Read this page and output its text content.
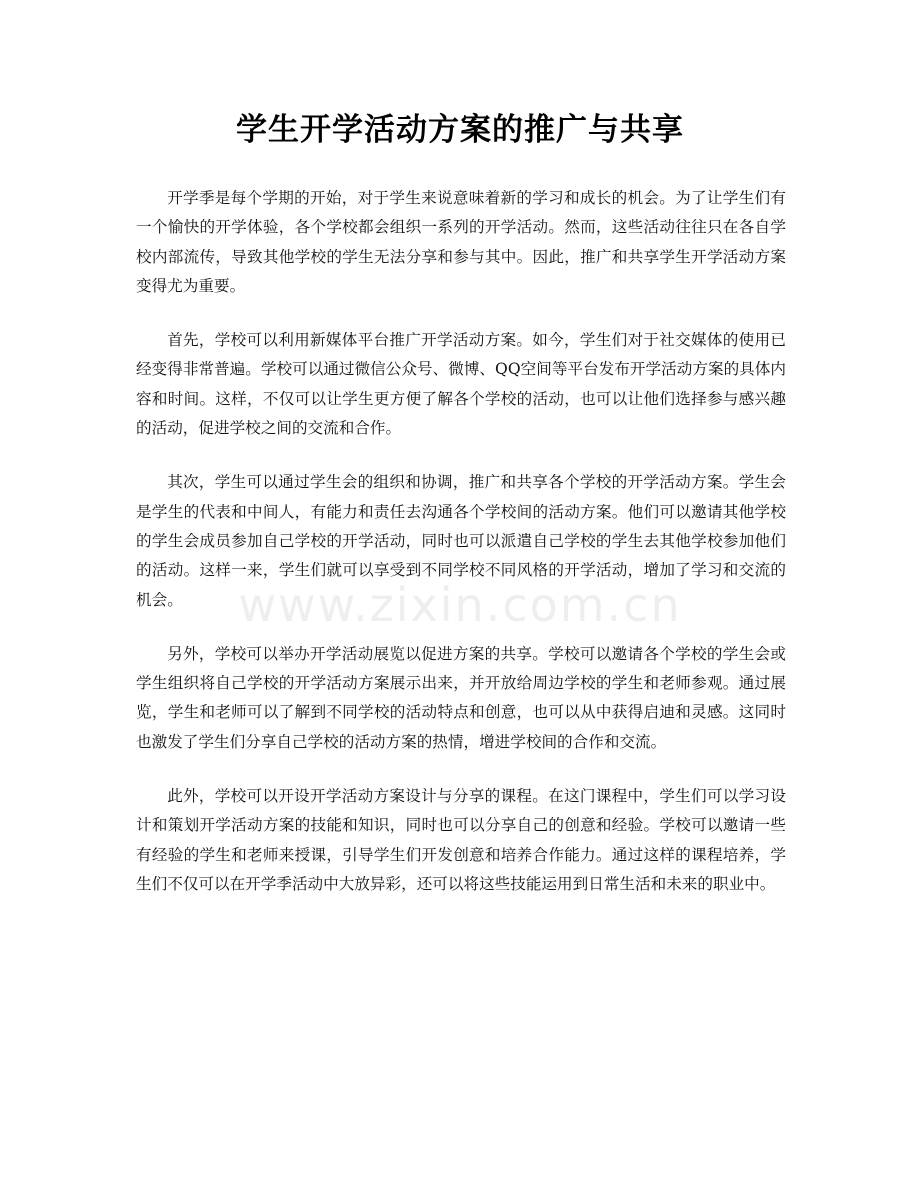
学生开学活动方案的推广与共享
www.zixin.com.cn

开学季是每个学期的开始，对于学生来说意味着新的学习和成长的机会。为了让学生们有一个愉快的开学体验，各个学校都会组织一系列的开学活动。然而，这些活动往往只在各自学校内部流传，导致其他学校的学生无法分享和参与其中。因此，推广和共享学生开学活动方案变得尤为重要。

首先，学校可以利用新媒体平台推广开学活动方案。如今，学生们对于社交媒体的使用已经变得非常普遍。学校可以通过微信公众号、微博、QQ空间等平台发布开学活动方案的具体内容和时间。这样，不仅可以让学生更方便了解各个学校的活动，也可以让他们选择参与感兴趣的活动，促进学校之间的交流和合作。

其次，学生可以通过学生会的组织和协调，推广和共享各个学校的开学活动方案。学生会是学生的代表和中间人，有能力和责任去沟通各个学校间的活动方案。他们可以邀请其他学校的学生会成员参加自己学校的开学活动，同时也可以派遣自己学校的学生去其他学校参加他们的活动。这样一来，学生们就可以享受到不同学校不同风格的开学活动，增加了学习和交流的机会。

另外，学校可以举办开学活动展览以促进方案的共享。学校可以邀请各个学校的学生会或学生组织将自己学校的开学活动方案展示出来，并开放给周边学校的学生和老师参观。通过展览，学生和老师可以了解到不同学校的活动特点和创意，也可以从中获得启迪和灵感。这同时也激发了学生们分享自己学校的活动方案的热情，增进学校间的合作和交流。

此外，学校可以开设开学活动方案设计与分享的课程。在这门课程中，学生们可以学习设计和策划开学活动方案的技能和知识，同时也可以分享自己的创意和经验。学校可以邀请一些有经验的学生和老师来授课，引导学生们开发创意和培养合作能力。通过这样的课程培养，学生们不仅可以在开学季活动中大放异彩，还可以将这些技能运用到日常生活和未来的职业中。
